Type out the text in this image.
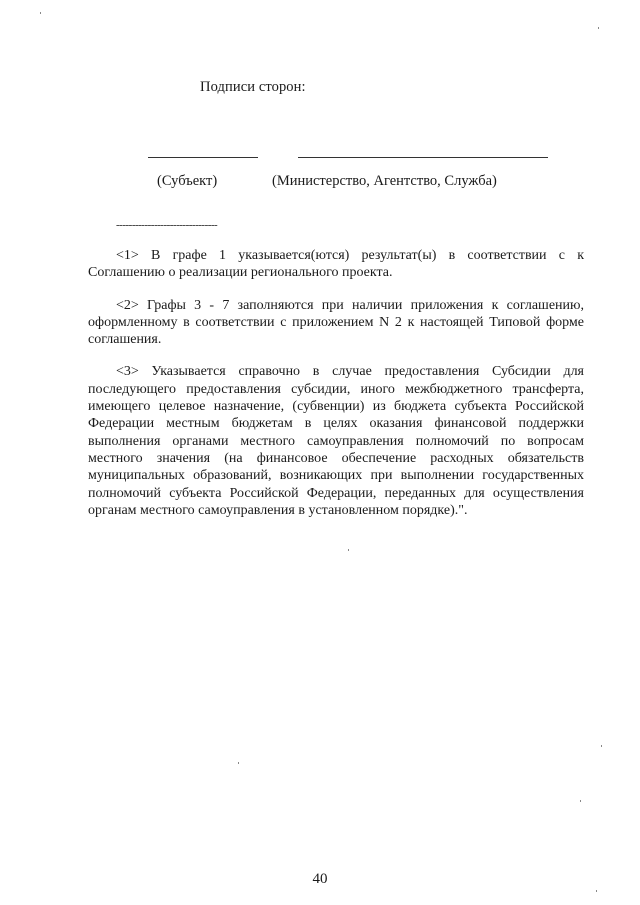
Подписи сторон:
(Субъект)	(Министерство, Агентство, Служба)
--------------------------------

<1> В графе 1 указывается(ются) результат(ы) в соответствии с к Соглашению о реализации регионального проекта.

<2> Графы 3 - 7 заполняются при наличии приложения к соглашению, оформленному в соответствии с приложением N 2 к настоящей Типовой форме соглашения.

<3> Указывается справочно в случае предоставления Субсидии для последующего предоставления субсидии, иного межбюджетного трансферта, имеющего целевое назначение, (субвенции) из бюджета субъекта Российской Федерации местным бюджетам в целях оказания финансовой поддержки выполнения органами местного самоуправления полномочий по вопросам местного значения (на финансовое обеспечение расходных обязательств муниципальных образований, возникающих при выполнении государственных полномочий субъекта Российской Федерации, переданных для осуществления органам местного самоуправления в установленном порядке).".

40
